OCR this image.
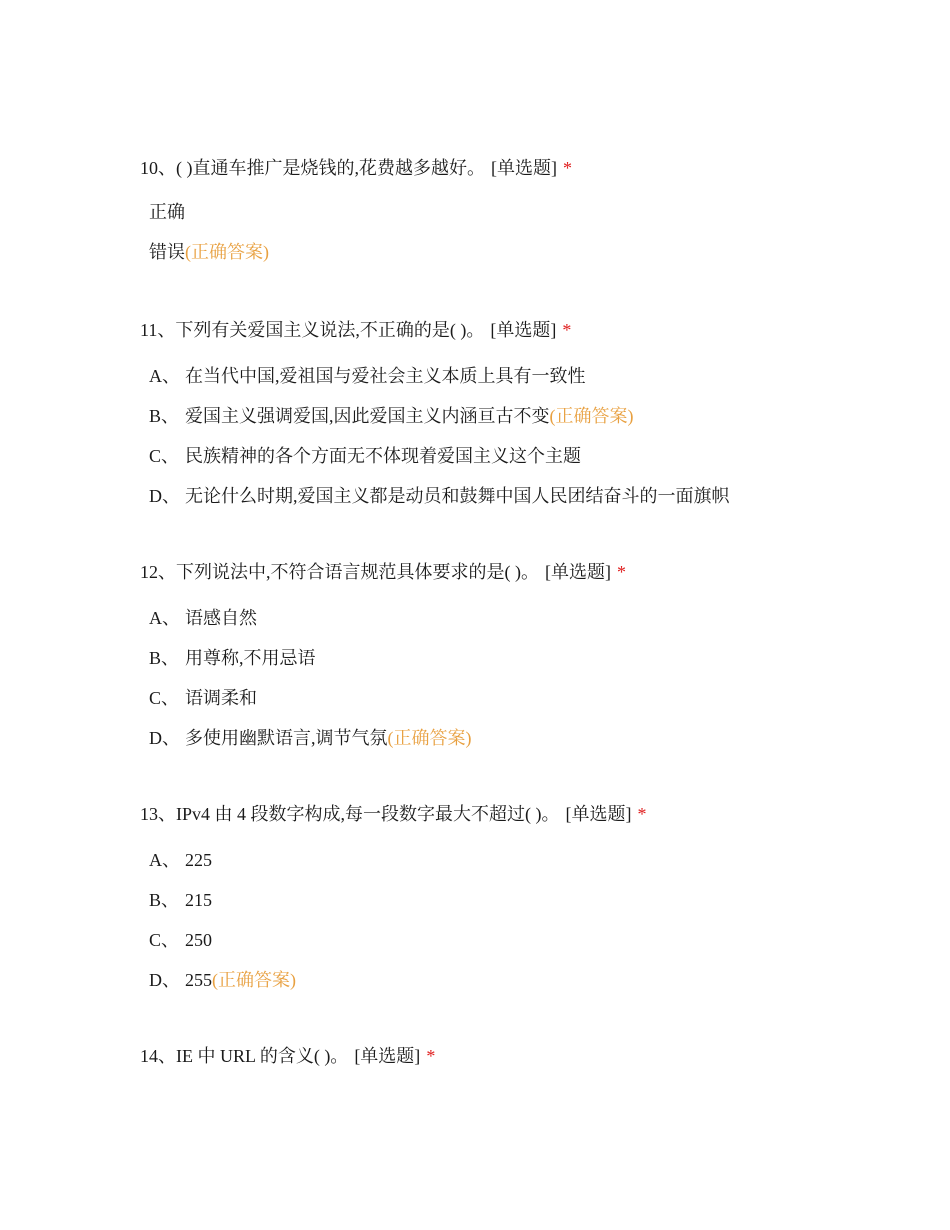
10、( )直通车推广是烧钱的,花费越多越好。 [单选题] *
正确
错误(正确答案)
11、下列有关爱国主义说法,不正确的是( )。 [单选题] *
A、 在当代中国,爱祖国与爱社会主义本质上具有一致性
B、 爱国主义强调爱国,因此爱国主义内涵亘古不变(正确答案)
C、 民族精神的各个方面无不体现着爱国主义这个主题
D、 无论什么时期,爱国主义都是动员和鼓舞中国人民团结奋斗的一面旗帜
12、下列说法中,不符合语言规范具体要求的是( )。 [单选题] *
A、 语感自然
B、 用尊称,不用忌语
C、 语调柔和
D、 多使用幽默语言,调节气氛(正确答案)
13、IPv4 由 4 段数字构成,每一段数字最大不超过( )。 [单选题] *
A、 225
B、 215
C、 250
D、 255(正确答案)
14、IE 中 URL 的含义( )。 [单选题] *
